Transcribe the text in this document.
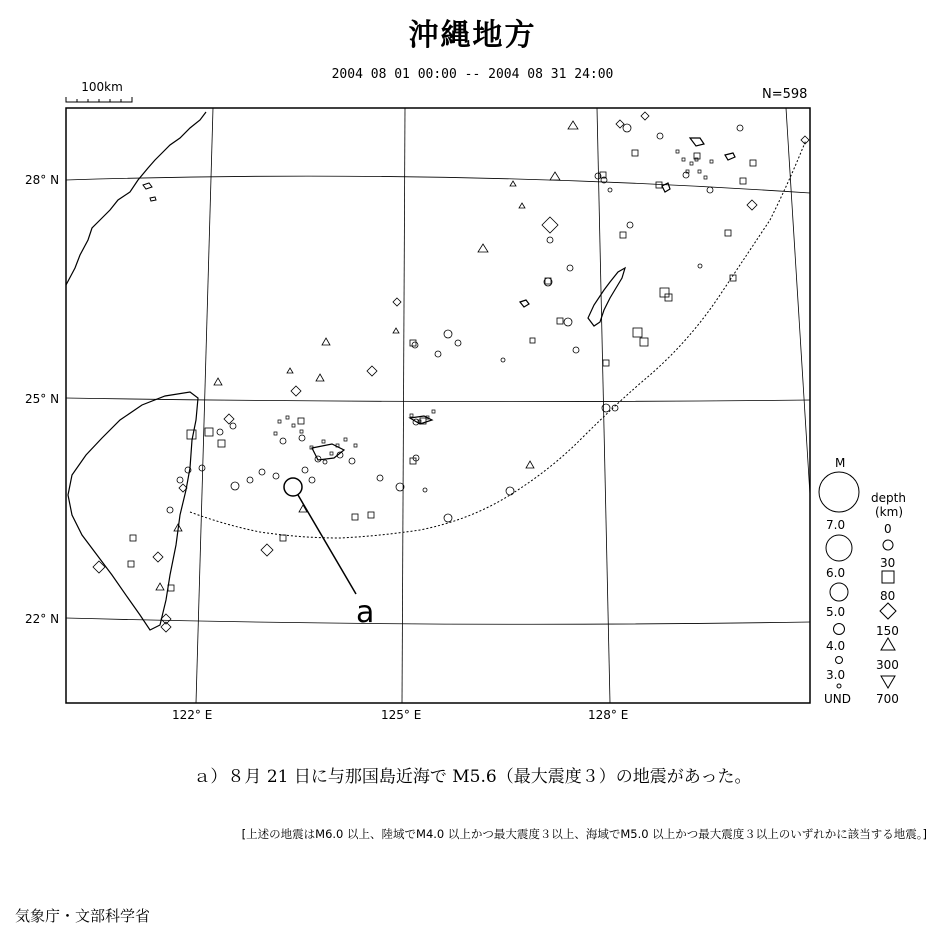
沖縄地方
2004 08 01 00:00 -- 2004 08 31 24:00
N=598
100km
a
28° N
25° N
22° N
122° E	125° E	128° E
M
7.0
6.0
5.0
4.0
3.0
UND
depth
(km)
0
30
80
150
300
700
ａ）８月 21 日に与那国島近海で M5.6（最大震度３）の地震があった。
[上述の地震はM6.0 以上、陸域でM4.0 以上かつ最大震度３以上、海域でM5.0 以上かつ最大震度３以上のいずれかに該当する地震。]
気象庁・文部科学省
